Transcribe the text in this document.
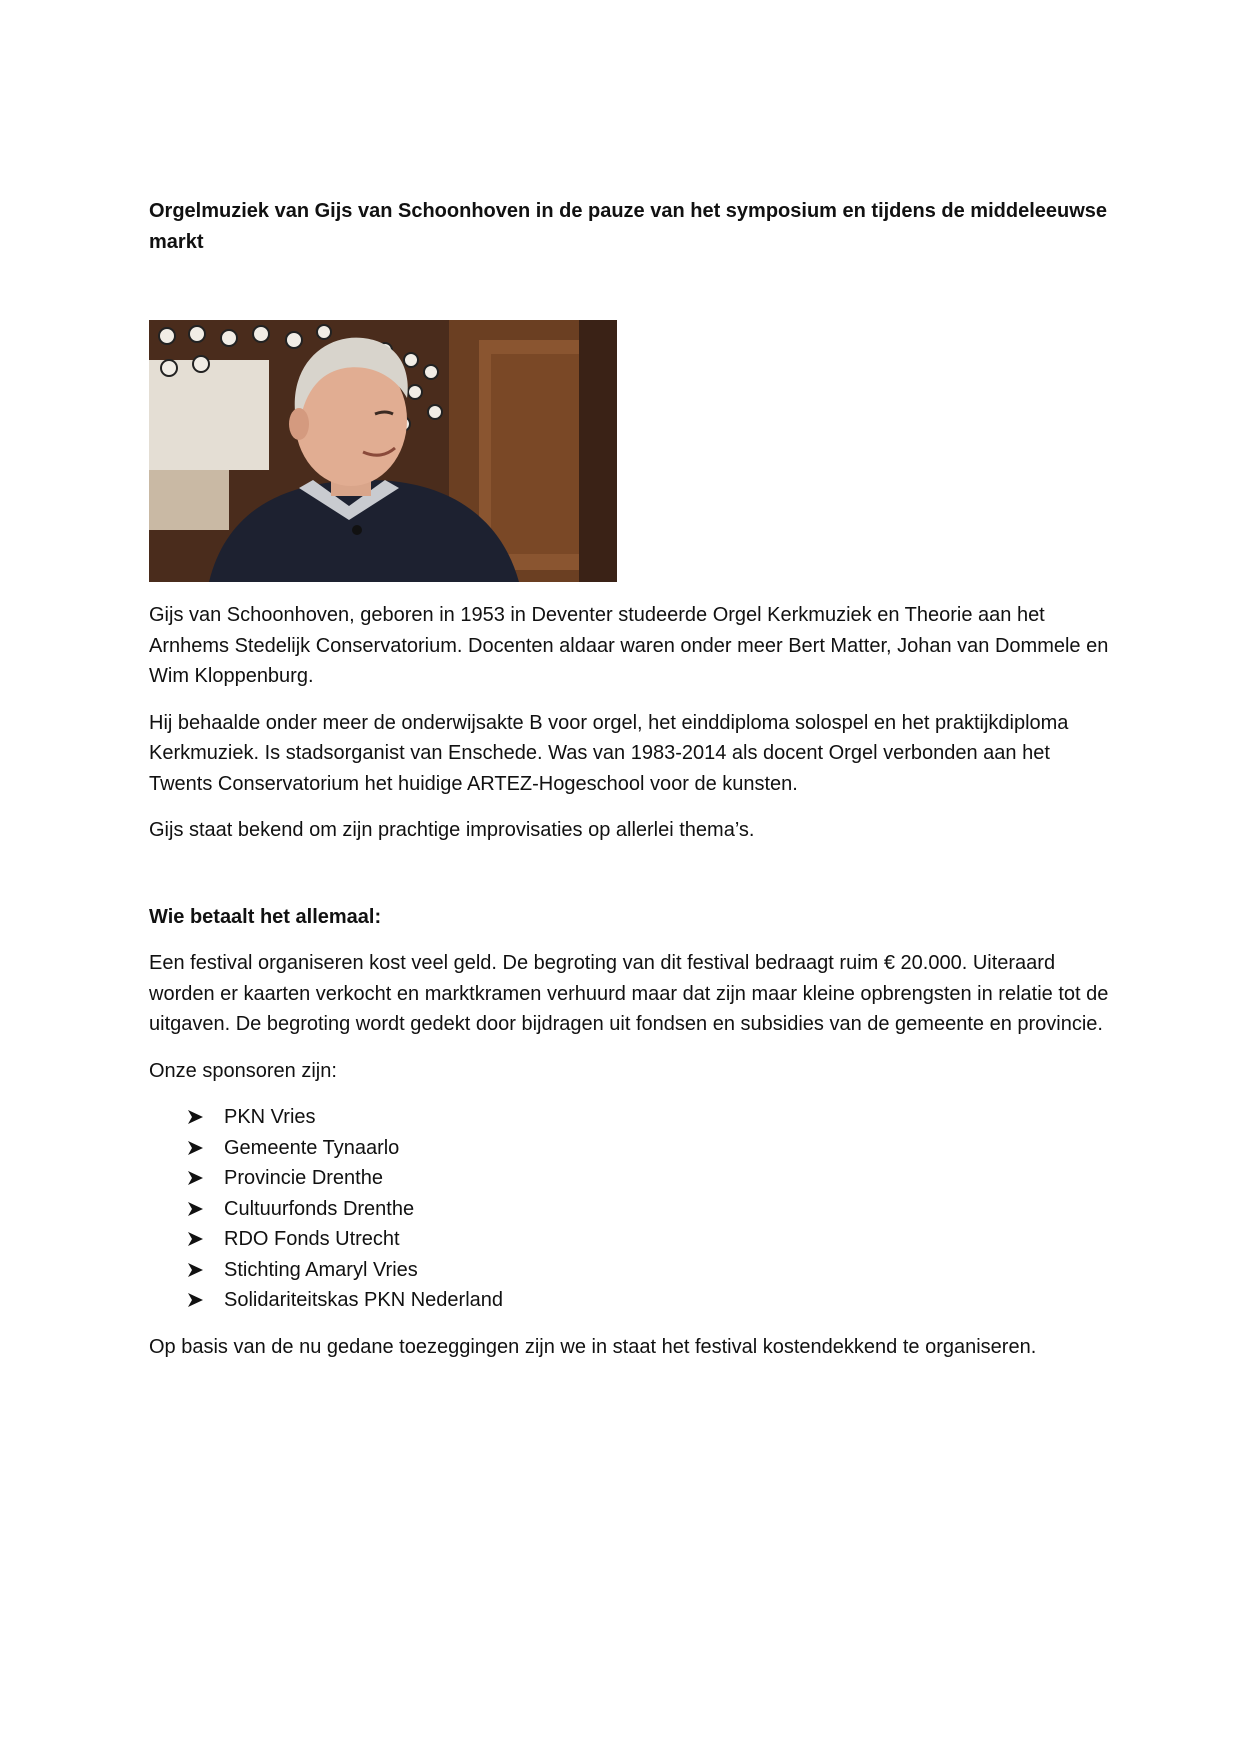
Orgelmuziek van Gijs van Schoonhoven in de pauze van het symposium en tijdens de middeleeuwse markt

Gijs van Schoonhoven, geboren in 1953 in Deventer studeerde Orgel Kerkmuziek en Theorie aan het Arnhems Stedelijk Conservatorium. Docenten aldaar waren onder meer Bert Matter, Johan van Dommele en Wim Kloppenburg.

Hij behaalde onder meer de onderwijsakte B voor orgel, het einddiploma solospel en het praktijkdiploma Kerkmuziek. Is stadsorganist van Enschede. Was van 1983-2014 als docent Orgel verbonden aan het Twents Conservatorium het huidige ARTEZ-Hogeschool voor de kunsten.

Gijs staat bekend om zijn prachtige improvisaties op allerlei thema’s.

Wie betaalt het allemaal:

Een festival organiseren kost veel geld. De begroting van dit festival bedraagt ruim € 20.000. Uiteraard worden er kaarten verkocht en marktkramen verhuurd maar dat zijn maar kleine opbrengsten in relatie tot de uitgaven. De begroting wordt gedekt door bijdragen uit fondsen en subsidies van de gemeente en provincie.

Onze sponsoren zijn:

PKN Vries
Gemeente Tynaarlo
Provincie Drenthe
Cultuurfonds Drenthe
RDO Fonds Utrecht
Stichting Amaryl Vries
Solidariteitskas PKN Nederland

Op basis van de nu gedane toezeggingen zijn we in staat het festival kostendekkend te organiseren.
